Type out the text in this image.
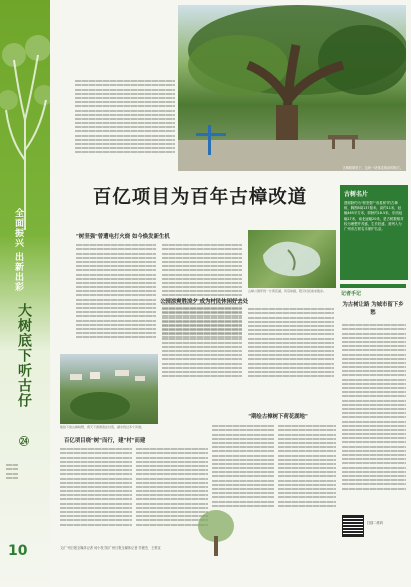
全面振兴
出新出彩
大树底下听古仔
㉔
10
古樟树荫底下，这块一块休息纳凉的地方。
百亿项目为百年古樟改道	古树名片
建树龄约为"树坚强""寿星树"的古樟树，胸围8周137厘米，高约11米，冠幅465平方米，树龄约18.5米，东西冠幅17米，南北冠幅20米，是古树数相对较为理想并茂盛，生长旺盛，被列入为广州市古树名木保护名录。
"树坚强"曾遭电打火烧 如今焕发新生机
古樟公园环绕一片荷花湖，风景如画，吸引村民前来散步。
公园凉爽胜凉夕 成为村民休闲好去处
航拍下的古樟树群，两天下游游落在村落，湖水绕过多个河道。
百亿项目绕"树"而行，建"村"而建
"期绘古樟树下荷花湖地"
记者手记
为古树让路 为城市留下乡愁
扫描二维码
文/广州日报全媒体记者 何小枝 图/广州日报全媒体记者 苏俊杰、王维宣
